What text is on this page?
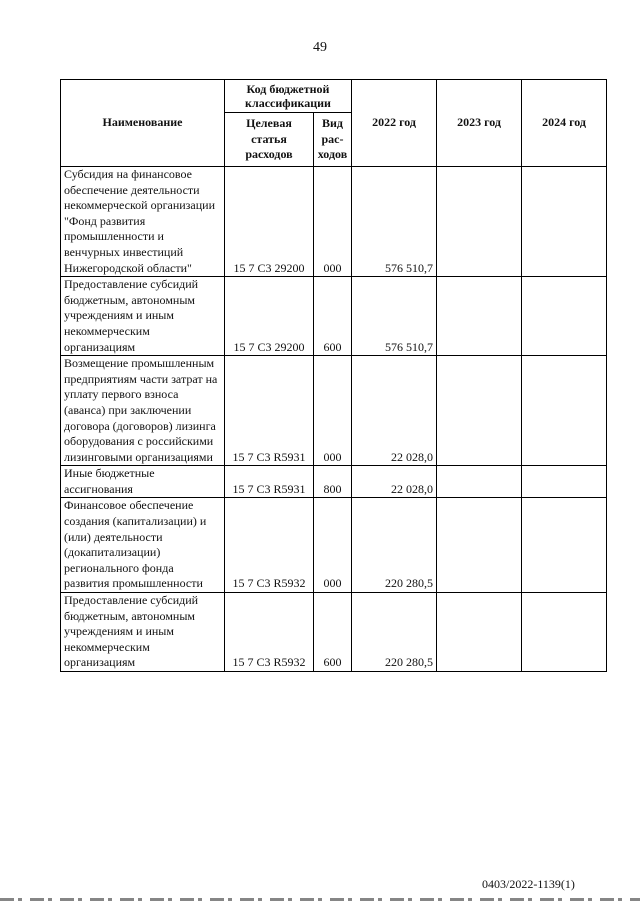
49
Наименование	Код бюджетной классификации		2022 год	2023 год	2024 год
	Целевая статья расходов	Вид рас-ходов			
Субсидия на финансовое обеспечение деятельности некоммерческой организации "Фонд развития промышленности и венчурных инвестиций Нижегородской области"	15 7 С3 29200	000	576 510,7		
Предоставление субсидий бюджетным, автономным учреждениям и иным некоммерческим организациям	15 7 С3 29200	600	576 510,7		
Возмещение промышленным предприятиям части затрат на уплату первого взноса (аванса) при заключении договора (договоров) лизинга оборудования с российскими лизинговыми организациями	15 7 С3 R5931	000	22 028,0		
Иные бюджетные ассигнования	15 7 С3 R5931	800	22 028,0		
Финансовое обеспечение создания (капитализации) и (или) деятельности (докапитализации) регионального фонда развития промышленности	15 7 С3 R5932	000	220 280,5		
Предоставление субсидий бюджетным, автономным учреждениям и иным некоммерческим организациям	15 7 С3 R5932	600	220 280,5		
0403/2022-1139(1)
